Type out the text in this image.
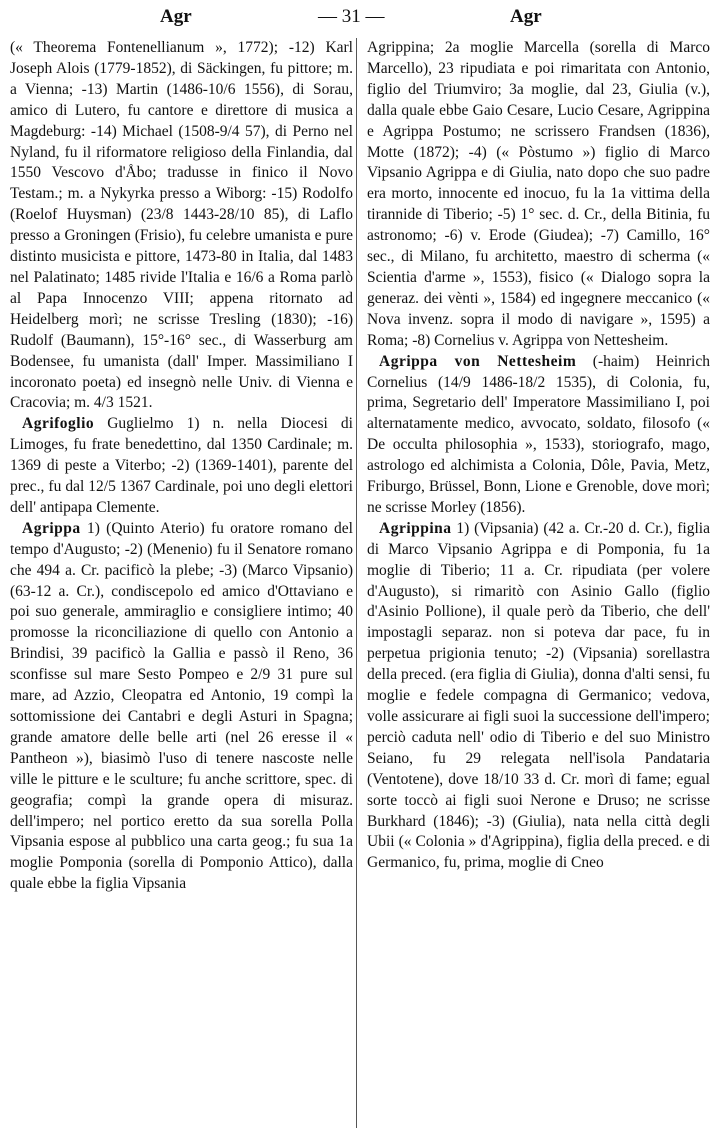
Agr	— 31 —	Agr

(« Theorema Fontenellianum », 1772); -12) Karl Joseph Alois (1779-1852), di Säckingen, fu pittore; m. a Vienna; -13) Martin (1486-10/6 1556), di Sorau, amico di Lutero, fu cantore e direttore di musica a Magdeburg: -14) Michael (1508-9/4 57), di Perno nel Nyland, fu il riformatore religioso della Finlandia, dal 1550 Vescovo d'Åbo; tradusse in finico il Novo Testam.; m. a Nykyrka presso a Wiborg: -15) Rodolfo (Roelof Huysman) (23/8 1443-28/10 85), di Laflo presso a Groningen (Frisio), fu celebre umanista e pure distinto musicista e pittore, 1473-80 in Italia, dal 1483 nel Palatinato; 1485 rivide l'Italia e 16/6 a Roma parlò al Papa Innocenzo VIII; appena ritornato ad Heidelberg morì; ne scrisse Tresling (1830); -16) Rudolf (Baumann), 15°-16° sec., di Wasserburg am Bodensee, fu umanista (dall' Imper. Massimiliano I incoronato poeta) ed insegnò nelle Univ. di Vienna e Cracovia; m. 4/3 1521.

Agrifoglio Guglielmo 1) n. nella Diocesi di Limoges, fu frate benedettino, dal 1350 Cardinale; m. 1369 di peste a Viterbo; -2) (1369-1401), parente del prec., fu dal 12/5 1367 Cardinale, poi uno degli elettori dell' antipapa Clemente.

Agrippa 1) (Quinto Aterio) fu oratore romano del tempo d'Augusto; -2) (Menenio) fu il Senatore romano che 494 a. Cr. pacificò la plebe; -3) (Marco Vipsanio) (63-12 a. Cr.), condiscepolo ed amico d'Ottaviano e poi suo generale, ammiraglio e consigliere intimo; 40 promosse la riconciliazione di quello con Antonio a Brindisi, 39 pacificò la Gallia e passò il Reno, 36 sconfisse sul mare Sesto Pompeo e 2/9 31 pure sul mare, ad Azzio, Cleopatra ed Antonio, 19 compì la sottomissione dei Cantabri e degli Asturi in Spagna; grande amatore delle belle arti (nel 26 eresse il « Pantheon »), biasimò l'uso di tenere nascoste nelle ville le pitture e le sculture; fu anche scrittore, spec. di geografia; compì la grande opera di misuraz. dell'impero; nel portico eretto da sua sorella Polla Vipsania espose al pubblico una carta geog.; fu sua 1a moglie Pomponia (sorella di Pomponio Attico), dalla quale ebbe la figlia Vipsania

Agrippina; 2a moglie Marcella (sorella di Marco Marcello), 23 ripudiata e poi rimaritata con Antonio, figlio del Triumviro; 3a moglie, dal 23, Giulia (v.), dalla quale ebbe Gaio Cesare, Lucio Cesare, Agrippina e Agrippa Postumo; ne scrissero Frandsen (1836), Motte (1872); -4) (« Pòstumo ») figlio di Marco Vipsanio Agrippa e di Giulia, nato dopo che suo padre era morto, innocente ed inocuo, fu la 1a vittima della tirannide di Tiberio; -5) 1° sec. d. Cr., della Bitinia, fu astronomo; -6) v. Erode (Giudea); -7) Camillo, 16° sec., di Milano, fu architetto, maestro di scherma (« Scientia d'arme », 1553), fisico (« Dialogo sopra la generaz. dei vènti », 1584) ed ingegnere meccanico (« Nova invenz. sopra il modo di navigare », 1595) a Roma; -8) Cornelius v. Agrippa von Nettesheim.

Agrippa von Nettesheim (-haim) Heinrich Cornelius (14/9 1486-18/2 1535), di Colonia, fu, prima, Segretario dell' Imperatore Massimiliano I, poi alternatamente medico, avvocato, soldato, filosofo (« De occulta philosophia », 1533), storiografo, mago, astrologo ed alchimista a Colonia, Dôle, Pavia, Metz, Friburgo, Brüssel, Bonn, Lione e Grenoble, dove morì; ne scrisse Morley (1856).

Agrippina 1) (Vipsania) (42 a. Cr.-20 d. Cr.), figlia di Marco Vipsanio Agrippa e di Pomponia, fu 1a moglie di Tiberio; 11 a. Cr. ripudiata (per volere d'Augusto), si rimaritò con Asinio Gallo (figlio d'Asinio Pollione), il quale però da Tiberio, che dell' impostagli separaz. non si poteva dar pace, fu in perpetua prigionia tenuto; -2) (Vipsania) sorellastra della preced. (era figlia di Giulia), donna d'alti sensi, fu moglie e fedele compagna di Germanico; vedova, volle assicurare ai figli suoi la successione dell'impero; perciò caduta nell' odio di Tiberio e del suo Ministro Seiano, fu 29 relegata nell'isola Pandataria (Ventotene), dove 18/10 33 d. Cr. morì di fame; egual sorte toccò ai figli suoi Nerone e Druso; ne scrisse Burkhard (1846); -3) (Giulia), nata nella città degli Ubii (« Colonia » d'Agrippina), figlia della preced. e di Germanico, fu, prima, moglie di Cneo
